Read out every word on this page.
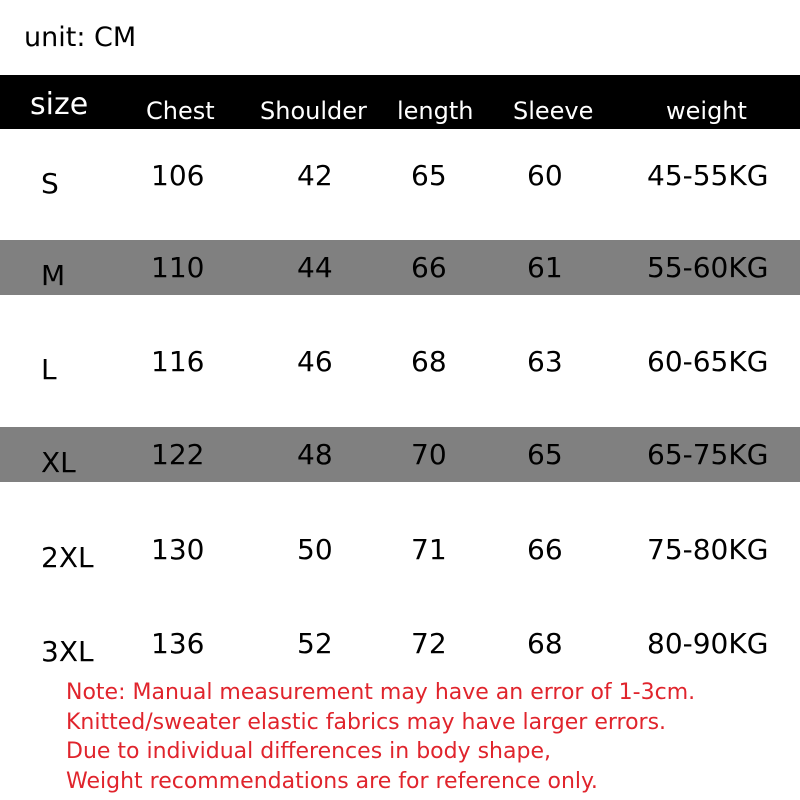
unit: CM
size Chest Shoulder length Sleeve	weight
S	106	42	65	60	45-55KG
M	110	44	66	61	55-60KG
L	116	46	68	63	60-65KG
XL	122	48	70	65	65-75KG
2XL 130	50	71	66	75-80KG
3XL 136	52	72	68	80-90KG
Note: Manual measurement may have an error of 1-3cm.
Knitted/sweater elastic fabrics may have larger errors.
Due to individual differences in body shape,
Weight recommendations are for reference only.
